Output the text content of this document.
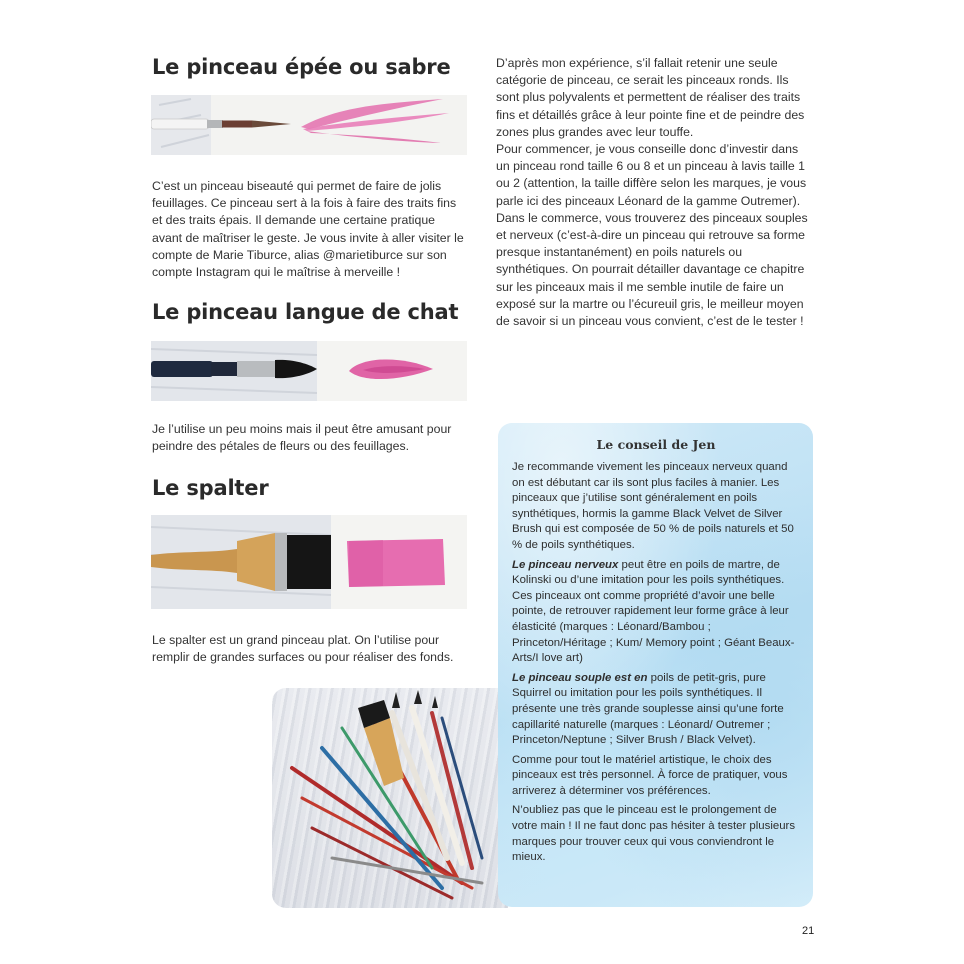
Le pinceau épée ou sabre
C’est un pinceau biseauté qui permet de faire de jolis feuillages. Ce pinceau sert à la fois à faire des traits fins et des traits épais. Il demande une certaine pratique avant de maîtriser le geste. Je vous invite à aller visiter le compte de Marie Tiburce, alias @marietiburce sur son compte Instagram qui le maîtrise à merveille !
Le pinceau langue de chat
Je l’utilise un peu moins mais il peut être amusant pour peindre des pétales de fleurs ou des feuillages.
Le spalter
Le spalter est un grand pinceau plat. On l’utilise pour remplir de grandes surfaces ou pour réaliser des fonds.

D’après mon expérience, s’il fallait retenir une seule catégorie de pinceau, ce serait les pinceaux ronds. Ils sont plus polyvalents et permettent de réaliser des traits fins et détaillés grâce à leur pointe fine et de peindre des zones plus grandes avec leur touffe.

Pour commencer, je vous conseille donc d’investir dans un pinceau rond taille 6 ou 8 et un pinceau à lavis taille 1 ou 2 (attention, la taille diffère selon les marques, je vous parle ici des pinceaux Léonard de la gamme Outremer).

Dans le commerce, vous trouverez des pinceaux souples et nerveux (c’est-à-dire un pinceau qui retrouve sa forme presque instantanément) en poils naturels ou synthétiques. On pourrait détailler davantage ce chapitre sur les pinceaux mais il me semble inutile de faire un exposé sur la martre ou l’écureuil gris, le meilleur moyen de savoir si un pinceau vous convient, c’est de le tester !

Le conseil de Jen

Je recommande vivement les pinceaux nerveux quand on est débutant car ils sont plus faciles à manier. Les pinceaux que j’utilise sont généralement en poils synthétiques, hormis la gamme Black Velvet de Silver Brush qui est composée de 50 % de poils naturels et 50 % de poils synthétiques.

Le pinceau nerveux peut être en poils de martre, de Kolinski ou d’une imitation pour les poils synthétiques. Ces pinceaux ont comme propriété d’avoir une belle pointe, de retrouver rapidement leur forme grâce à leur élasticité (marques : Léonard/Bambou ; Princeton/Héritage ; Kum/ Memory point ; Géant Beaux-Arts/I love art)

Le pinceau souple est en poils de petit-gris, pure Squirrel ou imitation pour les poils synthétiques. Il présente une très grande souplesse ainsi qu’une forte capillarité naturelle (marques : Léonard/ Outremer ; Princeton/Neptune ; Silver Brush / Black Velvet).

Comme pour tout le matériel artistique, le choix des pinceaux est très personnel. À force de pratiquer, vous arriverez à déterminer vos préférences.

N’oubliez pas que le pinceau est le prolongement de votre main ! Il ne faut donc pas hésiter à tester plusieurs marques pour trouver ceux qui vous conviendront le mieux.

21
